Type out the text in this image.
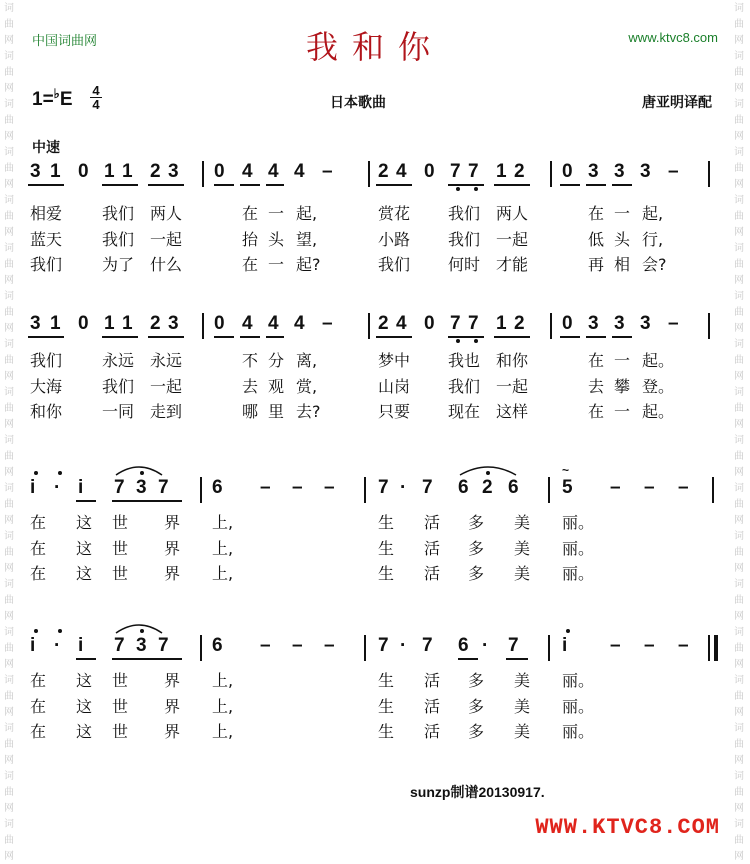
词
曲
网
词
曲
网
词
曲
网
词
曲
网
词
曲
网
词
曲
网
词
曲
网
词
曲
网
词
曲
网
词
曲
网
词
曲
网
词
曲
网
词
曲
网
词
曲
网
词
曲
网
词
曲
网
词
曲
网
词
曲
网
词
曲
网
词
曲
网
词
曲
网
词
曲
网
词
曲
网
词
曲
网
词
曲
网
词
曲
网
词
曲
网
词
曲
网
词
曲
网
词
曲
网
词
曲
网
词
曲
网
词
曲
网
词
曲
网
词
曲
网
词
曲
网
中国词曲网	www.ktvc8.com
我和你
1=♭E	4
4	日本歌曲	唐亚明译配
中速
3 1 0 1 1 2 3 0 4 4 4 – 2 4 0 7 7 1 2 0 3 3 3 –
3 1 0 1 1 2 3 0 4 4 4 – 2 4 0 7 7 1 2 0 3 3 3 –
i · i 7 3 7 6 – – – 7 · 7 6 2 6 5 – – –
~
i · i 7 3 7 6 – – – 7 · 7 6 · 7 i – – –
相爱 我们 两人	在 一 起,	赏花 我们 两人	在 一 起,
蓝天 我们 一起	抬 头 望,	小路 我们 一起	低 头 行,
我们 为了 什么	在 一 起?	我们 何时 才能	再 相 会?
我们 永远 永远	不 分 离,	梦中 我也 和你	在 一 起。
大海 我们 一起	去 观 赏,	山岗 我们 一起	去 攀 登。
和你 一同 走到	哪 里 去?	只要 现在 这样	在 一 起。
在 这 世 界 上,	生 活 多 美 丽。
在 这 世 界 上,	生 活 多 美 丽。
在 这 世 界 上,	生 活 多 美 丽。
在 这 世 界 上,	生 活 多 美 丽。
在 这 世 界 上,	生 活 多 美 丽。
在 这 世 界 上,	生 活 多 美 丽。
sunzp制谱20130917.
WWW.KTVC8.COM
